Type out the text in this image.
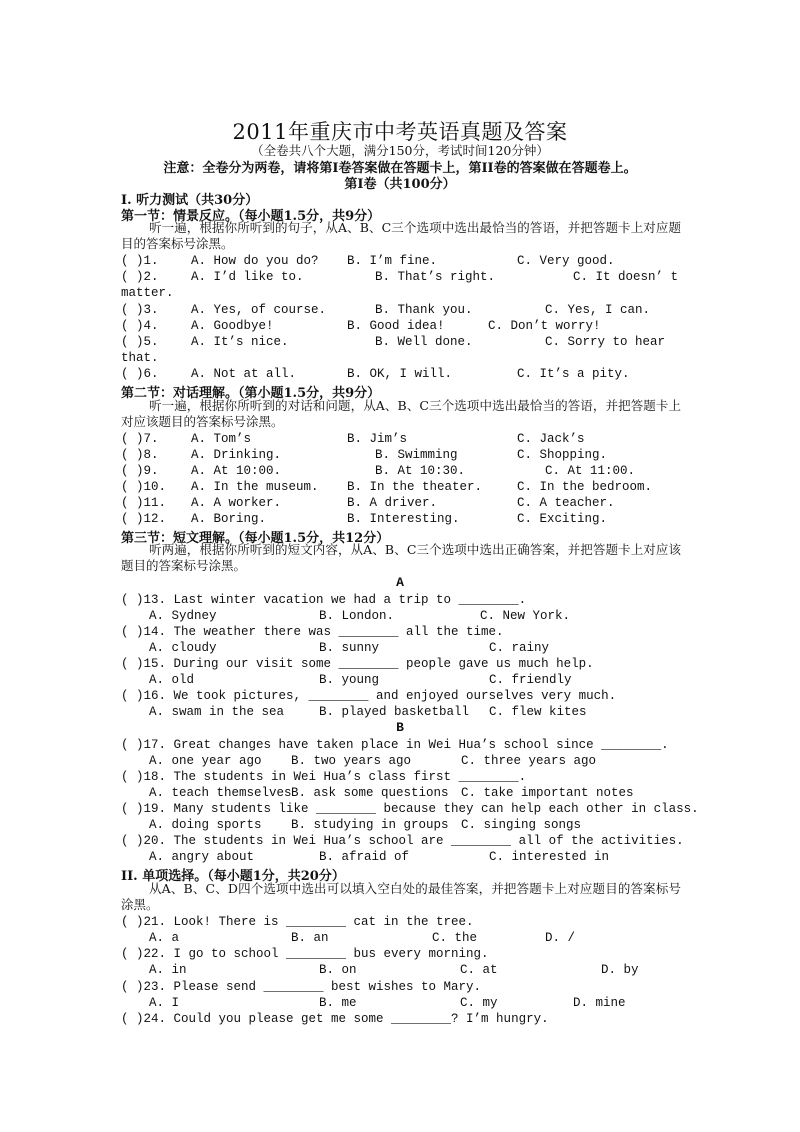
2011年重庆市中考英语真题及答案
（全卷共八个大题，满分150分，考试时间120分钟）
注意：全卷分为两卷，请将第Ⅰ卷答案做在答题卡上，第II卷的答案做在答题卷上。
第Ⅰ卷（共100分）
I. 听力测试（共30分）
第一节：情景反应。（每小题1.5分，共9分）
听一遍，根据你所听到的句子，从A、B、C三个选项中选出最恰当的答语，并把答题卡上对应题目的答案标号涂黑。
( )1.	A. How do you do? B. I’m fine.	C. Very good.
( )2.	A. I’d like to.	B. That’s right.	C. It doesn’ t
matter.
( )3.	A. Yes, of course.	B. Thank you.	C. Yes, I can.
( )4.	A. Goodbye!	B. Good idea!	C. Don’t worry!
( )5.	A. It’s nice.	B. Well done.	C. Sorry to hear
that.
( )6.	A. Not at all.	B. OK, I will.	C. It’s a pity.
第二节：对话理解。（第小题1.5分，共9分）
听一遍，根据你所听到的对话和问题，从A、B、C三个选项中选出最恰当的答语，并把答题卡上对应该题目的答案标号涂黑。
( )7.	A. Tom’s	B. Jim’s	C. Jack’s
( )8.	A. Drinking.	B. Swimming	C. Shopping.
( )9.	A. At 10:00.	B. At 10:30.	C. At 11:00.
( )10. A. In the museum. B. In the theater.	C. In the bedroom.
( )11. A. A worker.	B. A driver.	C. A teacher.
( )12. A. Boring.	B. Interesting.	C. Exciting.
第三节：短文理解。（每小题1.5分，共12分）
听两遍，根据你所听到的短文内容，从A、B、C三个选项中选出正确答案，并把答题卡上对应该题目的答案标号涂黑。
A
( )13. Last winter vacation we had a trip to ________.
A. Sydney	B. London.	C. New York.
( )14. The weather there was ________ all the time.
A. cloudy	B. sunny	C. rainy
( )15. During our visit some ________ people gave us much help.
A. old	B. young	C. friendly
( )16. We took pictures, ________ and enjoyed ourselves very much.
A. swam in the sea	B. played basketball C. flew kites
B
( )17. Great changes have taken place in Wei Hua’s school since ________.
A. one year ago B. two years ago	C. three years ago
( )18. The students in Wei Hua’s class first ________.
A. teach themselves B. ask some questions C. take important notes
( )19. Many students like ________ because they can help each other in class.
A. doing sports B. studying in groups C. singing songs
( )20. The students in Wei Hua’s school are ________ all of the activities.
A. angry about	B. afraid of	C. interested in
II. 单项选择。（每小题1分，共20分）
从A、B、C、D四个选项中选出可以填入空白处的最佳答案，并把答题卡上对应题目的答案标号涂黑。
( )21. Look! There is ________ cat in the tree.
A. a	B. an	C. the	D. /
( )22. I go to school ________ bus every morning.
A. in	B. on	C. at	D. by
( )23. Please send ________ best wishes to Mary.
A. I	B. me	C. my	D. mine
( )24. Could you please get me some ________? I’m hungry.
